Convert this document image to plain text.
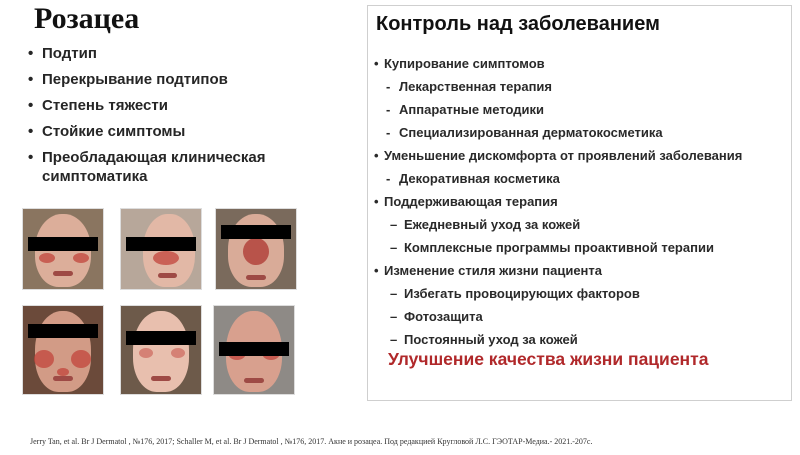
Розацеа
• Подтип
• Перекрывание подтипов
• Степень тяжести
• Стойкие симптомы
• Преобладающая клиническая симптоматика
Контроль над заболеванием
• Купирование симптомов
- Лекарственная терапия
- Аппаратные методики
- Специализированная дерматокосметика
• Уменьшение дискомфорта от проявлений заболевания
- Декоративная косметика
• Поддерживающая терапия
– Ежедневный уход за кожей
– Комплексные программы проактивной терапии
• Изменение стиля жизни пациента
– Избегать провоцирующих факторов
– Фотозащита
– Постоянный уход за кожей
Улучшение качества жизни пациента
Jerry Tan, et al. Br J Dermatol , №176, 2017; Schaller M, et al. Br J Dermatol , №176, 2017. Акне и розацеа. Под редакцией Кругловой Л.С. ГЭОТАР-Медиа.- 2021.-207с.
